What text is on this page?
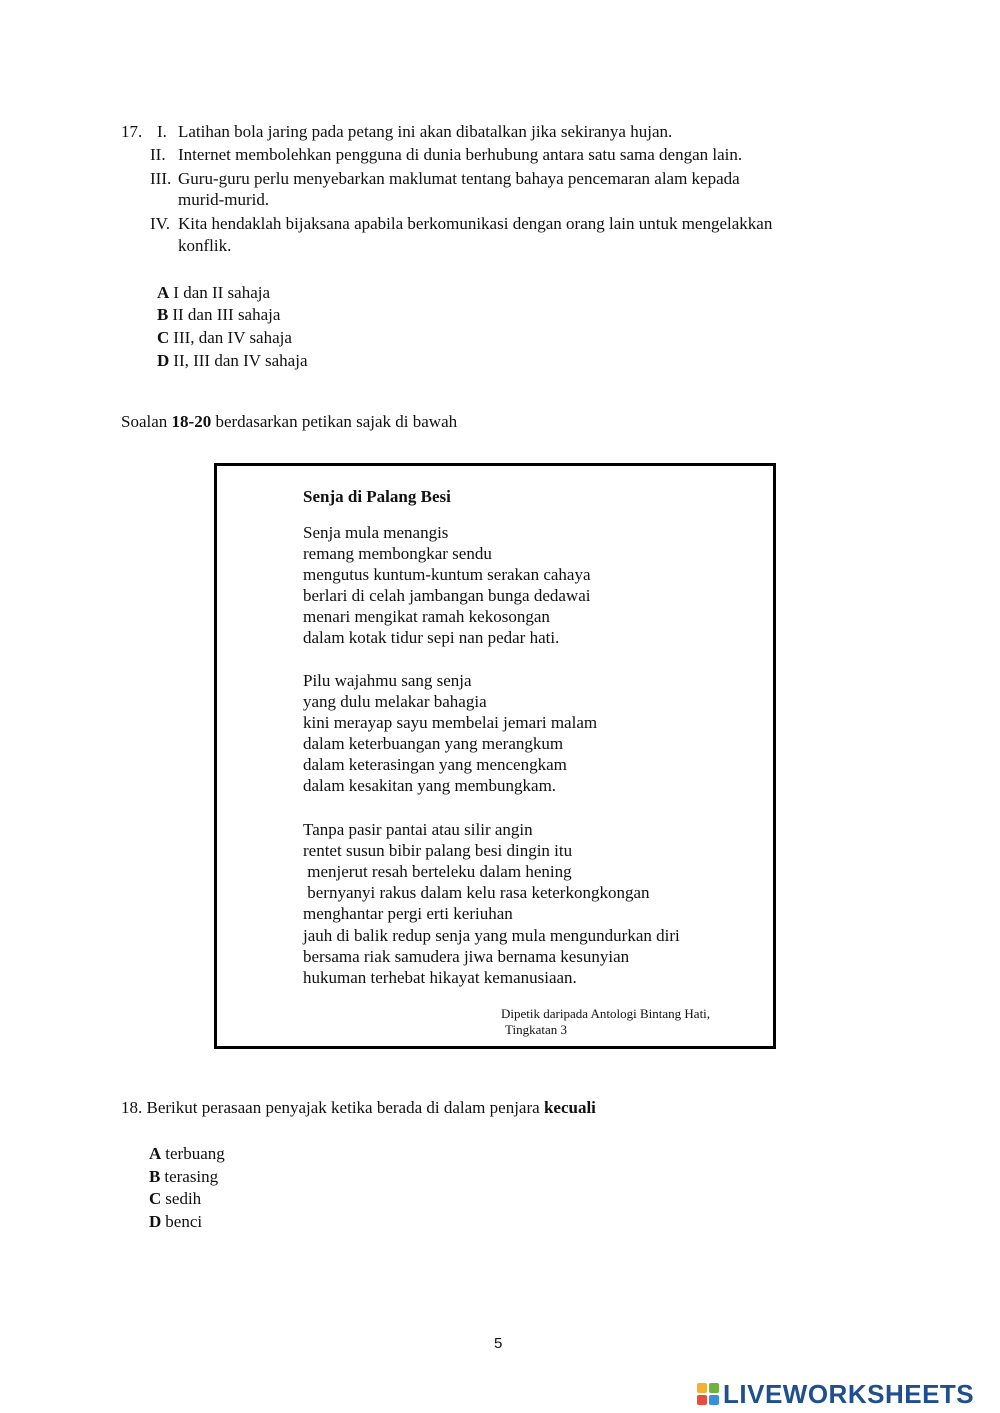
17. I. Latihan bola jaring pada petang ini akan dibatalkan jika sekiranya hujan.
II. Internet membolehkan pengguna di dunia berhubung antara satu sama dengan lain.
III. Guru-guru perlu menyebarkan maklumat tentang bahaya pencemaran alam kepada
murid-murid.
IV. Kita hendaklah bijaksana apabila berkomunikasi dengan orang lain untuk mengelakkan
konflik.
A I dan II sahaja
B II dan III sahaja
C III, dan IV sahaja
D II, III dan IV sahaja
Soalan 18-20 berdasarkan petikan sajak di bawah
Senja di Palang Besi
Senja mula menangis
remang membongkar sendu
mengutus kuntum-kuntum serakan cahaya
berlari di celah jambangan bunga dedawai
menari mengikat ramah kekosongan
dalam kotak tidur sepi nan pedar hati.
Pilu wajahmu sang senja
yang dulu melakar bahagia
kini merayap sayu membelai jemari malam
dalam keterbuangan yang merangkum
dalam keterasingan yang mencengkam
dalam kesakitan yang membungkam.
Tanpa pasir pantai atau silir angin
rentet susun bibir palang besi dingin itu
menjerut resah berteleku dalam hening
bernyanyi rakus dalam kelu rasa keterkongkongan
menghantar pergi erti keriuhan
jauh di balik redup senja yang mula mengundurkan diri
bersama riak samudera jiwa bernama kesunyian
hukuman terhebat hikayat kemanusiaan.
Dipetik daripada Antologi Bintang Hati,
Tingkatan 3
18. Berikut perasaan penyajak ketika berada di dalam penjara kecuali
A terbuang
B terasing
C sedih
D benci
5
LIVEWORKSHEETS
